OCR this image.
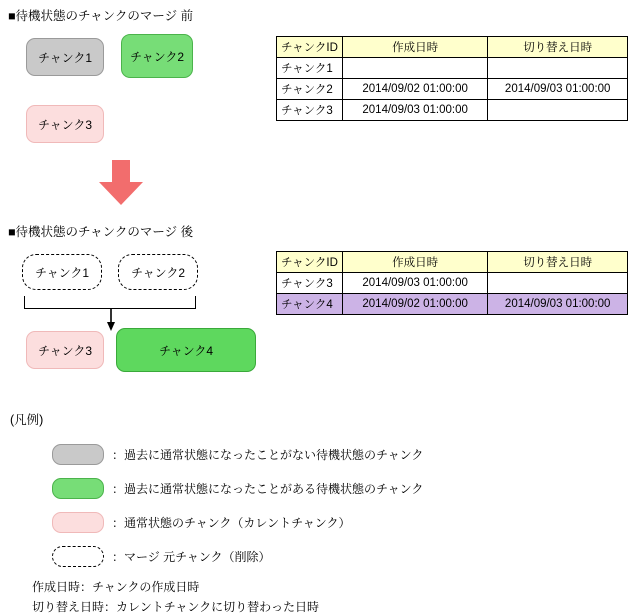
■待機状態のチャンクのマージ 前
チャンク1	チャンク2
チャンク3
チャンクID	作成日時	切り替え日時
チャンク1		
チャンク2	2014/09/02 01:00:00	2014/09/03 01:00:00
チャンク3	2014/09/03 01:00:00	
■待機状態のチャンクのマージ 後
チャンク1	チャンク2
チャンク3	チャンク4
チャンクID	作成日時	切り替え日時
チャンク3	2014/09/03 01:00:00	
チャンク4	2014/09/02 01:00:00	2014/09/03 01:00:00
(凡例)
：過去に通常状態になったことがない待機状態のチャンク
：過去に通常状態になったことがある待機状態のチャンク
：通常状態のチャンク（カレントチャンク）
：マージ 元チャンク（削除）
作成日時：チャンクの作成日時
切り替え日時：カレントチャンクに切り替わった日時
